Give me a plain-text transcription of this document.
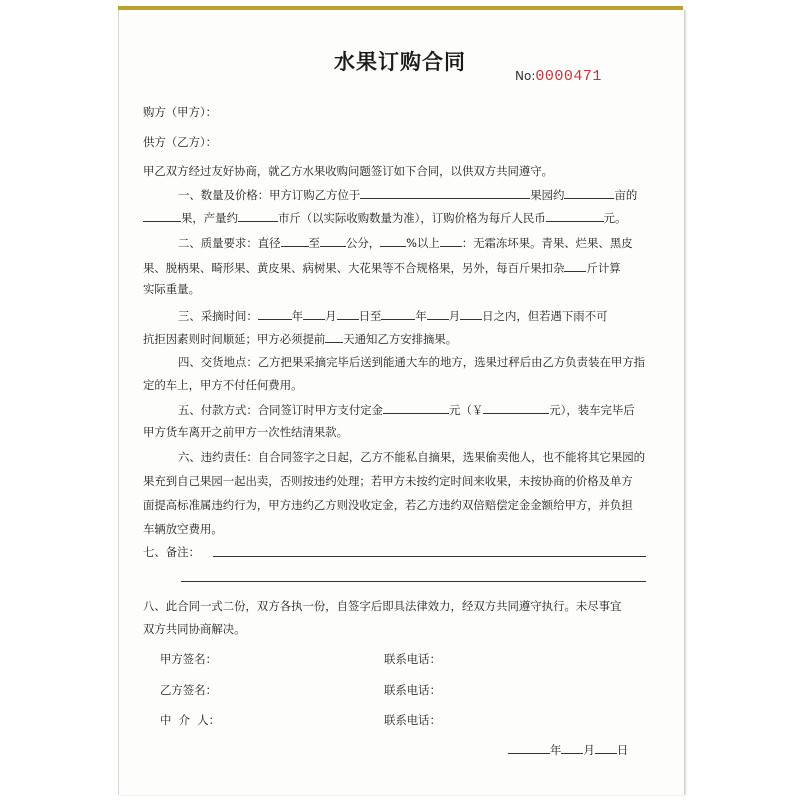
水果订购合同
No:0000471
购方（甲方）：
供方（乙方）：
甲乙双方经过友好协商，就乙方水果收购问题签订如下合同，以供双方共同遵守。
一、数量及价格：甲方订购乙方位于	果园约	亩的
果，产量约	市斤（以实际收购数量为准），订购价格为每斤人民币	元。
二、质量要求：直径 至 公分， %以上 ：无霜冻坏果。青果、烂果、黑皮
果、脱柄果、畸形果、黄皮果、病树果、大花果等不合规格果，另外，每百斤果扣杂 斤计算
实际重量。
三、采摘时间：	年 月 日至	年 月 日之内，但若遇下雨不可
抗拒因素则时间顺延；甲方必须提前 天通知乙方安排摘果。
四、交货地点：乙方把果采摘完毕后送到能通大车的地方，选果过秤后由乙方负责装在甲方指
定的车上，甲方不付任何费用。
五、付款方式：合同签订时甲方支付定金	元（￥	元），装车完毕后
甲方货车离开之前甲方一次性结清果款。
六、违约责任：自合同签字之日起，乙方不能私自摘果，选果偷卖他人，也不能将其它果园的
果充到自己果园一起出卖，否则按违约处理；若甲方未按约定时间来收果，未按协商的价格及单方
面提高标准属违约行为，甲方违约乙方则没收定金，若乙方违约双倍赔偿定金金额给甲方，并负担
车辆放空费用。
七、备注：
八、此合同一式二份，双方各执一份，自签字后即具法律效力，经双方共同遵守执行。未尽事宜
双方共同协商解决。
甲方签名：	联系电话：
乙方签名：	联系电话：
中  介  人：	联系电话：
年 月 日
